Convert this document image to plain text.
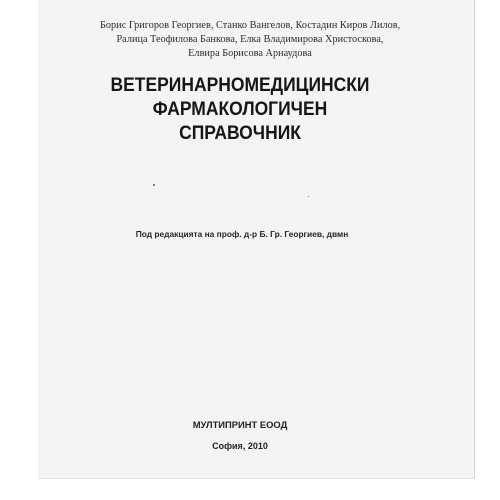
Борис Григоров Георгиев, Станко Вангелов, Костадин Киров Лилов,
Ралица Теофилова Банкова, Елка Владимирова Христоскова,
Елвира Борисова Арнаудова
ВЕТЕРИНАРНОМЕДИЦИНСКИ
ФАРМАКОЛОГИЧЕН
СПРАВОЧНИК
Под редакцията на проф. д-р Б. Гр. Георгиев, двмн
МУЛТИПРИНТ ЕООД
София, 2010
